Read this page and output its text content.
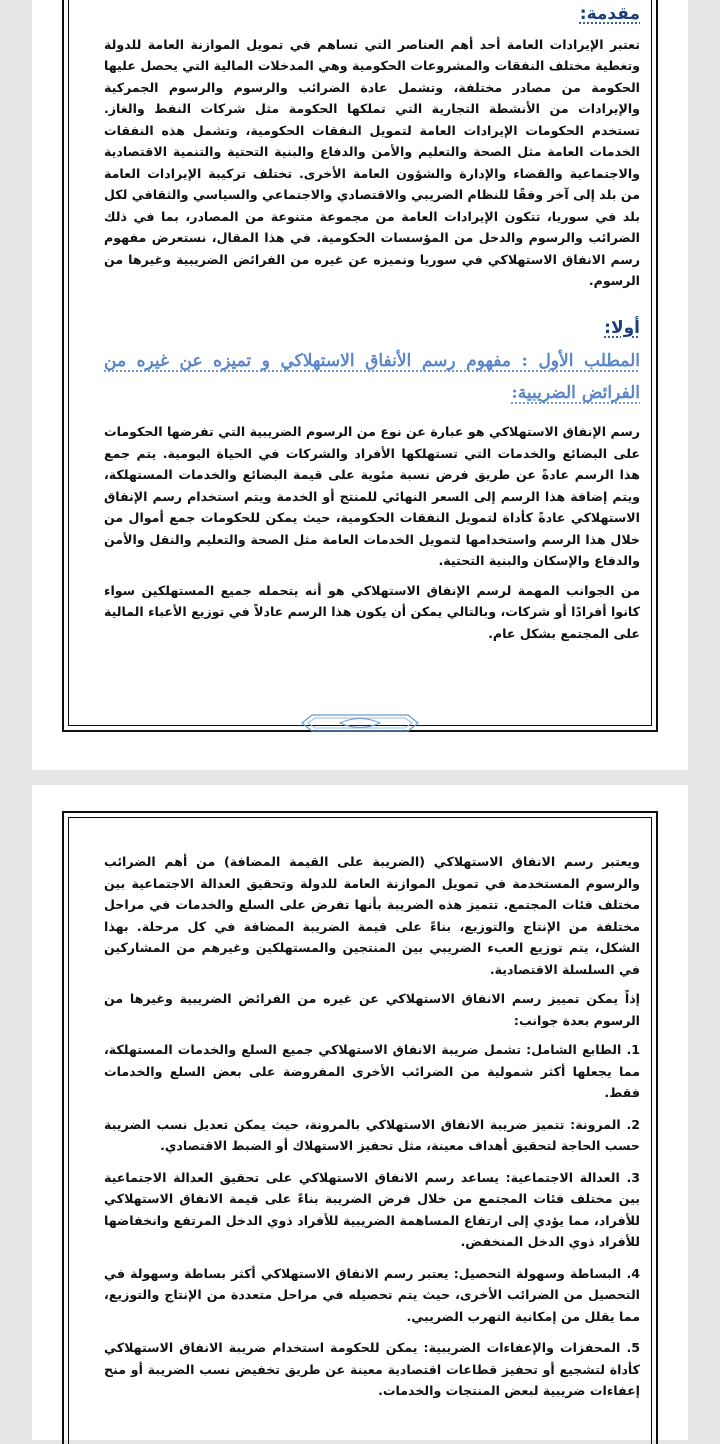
مقدمة:

تعتبر الإيرادات العامة أحد أهم العناصر التي تساهم في تمويل الموازنة العامة للدولة وتغطية مختلف النفقات والمشروعات الحكومية وهي المدخلات المالية التي يحصل عليها الحكومة من مصادر مختلفة، وتشمل عادة الضرائب والرسوم والرسوم الجمركية والإيرادات من الأنشطة التجارية التي تملكها الحكومة مثل شركات النفط والغاز. تستخدم الحكومات الإيرادات العامة لتمويل النفقات الحكومية، وتشمل هذه النفقات الخدمات العامة مثل الصحة والتعليم والأمن والدفاع والبنية التحتية والتنمية الاقتصادية والاجتماعية والقضاء والإدارة والشؤون العامة الأخرى. تختلف تركيبة الإيرادات العامة من بلد إلى آخر وفقًا للنظام الضريبي والاقتصادي والاجتماعي والسياسي والثقافي لكل بلد في سوريا، تتكون الإيرادات العامة من مجموعة متنوعة من المصادر، بما في ذلك الضرائب والرسوم والدخل من المؤسسات الحكومية. في هذا المقال، نستعرض مفهوم رسم الانفاق الاستهلاكي في سوريا ونميزه عن غيره من الفرائض الضريبية وغيرها من الرسوم.

أولا:
المطلب الأول : مفهوم رسم الأنفاق الاستهلاكي و تميزه عن غيره من الفرائض الضريبية:

رسم الإنفاق الاستهلاكي هو عبارة عن نوع من الرسوم الضريبية التي تفرضها الحكومات على البضائع والخدمات التي تستهلكها الأفراد والشركات في الحياة اليومية. يتم جمع هذا الرسم عادةً عن طريق فرض نسبة مئوية على قيمة البضائع والخدمات المستهلكة، ويتم إضافة هذا الرسم إلى السعر النهائي للمنتج أو الخدمة ويتم استخدام رسم الإنفاق الاستهلاكي عادةً كأداة لتمويل النفقات الحكومية، حيث يمكن للحكومات جمع أموال من خلال هذا الرسم واستخدامها لتمويل الخدمات العامة مثل الصحة والتعليم والنقل والأمن والدفاع والإسكان والبنية التحتية.

من الجوانب المهمة لرسم الإنفاق الاستهلاكي هو أنه يتحمله جميع المستهلكين سواء كانوا أفرادًا أو شركات، وبالتالي يمكن أن يكون هذا الرسم عادلاً في توزيع الأعباء المالية على المجتمع بشكل عام.

ويعتبر رسم الانفاق الاستهلاكي (الضريبة على القيمة المضافة) من أهم الضرائب والرسوم المستخدمة في تمويل الموازنة العامة للدولة وتحقيق العدالة الاجتماعية بين مختلف فئات المجتمع. تتميز هذه الضريبة بأنها تفرض على السلع والخدمات في مراحل مختلفة من الإنتاج والتوزيع، بناءً على قيمة الضريبة المضافة في كل مرحلة. بهذا الشكل، يتم توزيع العبء الضريبي بين المنتجين والمستهلكين وغيرهم من المشاركين في السلسلة الاقتصادية.

إذاً يمكن تمييز رسم الانفاق الاستهلاكي عن غيره من الفرائض الضريبية وغيرها من الرسوم بعدة جوانب:

1. الطابع الشامل: تشمل ضريبة الانفاق الاستهلاكي جميع السلع والخدمات المستهلكة، مما يجعلها أكثر شمولية من الضرائب الأخرى المفروضة على بعض السلع والخدمات فقط.
2. المرونة: تتميز ضريبة الانفاق الاستهلاكي بالمرونة، حيث يمكن تعديل نسب الضريبة حسب الحاجة لتحقيق أهداف معينة، مثل تحفيز الاستهلاك أو الضبط الاقتصادي.
3. العدالة الاجتماعية: يساعد رسم الانفاق الاستهلاكي على تحقيق العدالة الاجتماعية بين مختلف فئات المجتمع من خلال فرض الضريبة بناءً على قيمة الانفاق الاستهلاكي للأفراد، مما يؤدي إلى ارتفاع المساهمة الضريبية للأفراد ذوي الدخل المرتفع وانخفاضها للأفراد ذوي الدخل المنخفض.
4. البساطة وسهولة التحصيل: يعتبر رسم الانفاق الاستهلاكي أكثر بساطة وسهولة في التحصيل من الضرائب الأخرى، حيث يتم تحصيله في مراحل متعددة من الإنتاج والتوزيع، مما يقلل من إمكانية التهرب الضريبي.
5. المحفزات والإعفاءات الضريبية: يمكن للحكومة استخدام ضريبة الانفاق الاستهلاكي كأداة لتشجيع أو تحفيز قطاعات اقتصادية معينة عن طريق تخفيض نسب الضريبة أو منح إعفاءات ضريبية لبعض المنتجات والخدمات.
